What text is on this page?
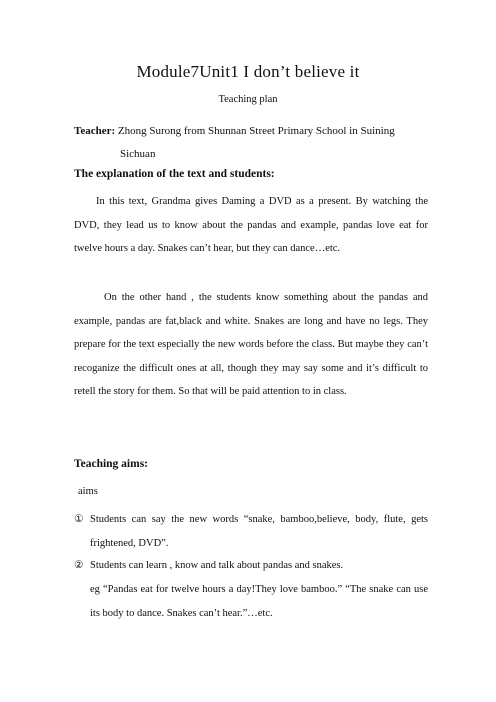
Module7Unit1 I don’t believe it
Teaching plan
Teacher: Zhong Surong from Shunnan Street Primary School in Suining
Sichuan
The explanation of the text and students:
In this text, Grandma gives Daming a DVD as a present. By watching the DVD, they lead us to know about the pandas and example, pandas love eat for twelve hours a day. Snakes can’t hear, but they can dance…etc.
On the other hand , the students know something about the pandas and example, pandas are fat,black and white. Snakes are long and have no legs. They prepare for the text especially the new words before the class. But maybe they can’t recoganize the difficult ones at all, though they may say some and it’s difficult to retell the story for them. So that will be paid attention to in class.
Teaching aims:
aims
① Students can say the new words “snake, bamboo,believe, body, flute, gets frightened, DVD”.
② Students can learn , know and talk about pandas and snakes.
eg “Pandas eat for twelve hours a day!They love bamboo.” “The snake can use its body to dance. Snakes can’t hear.”…etc.
